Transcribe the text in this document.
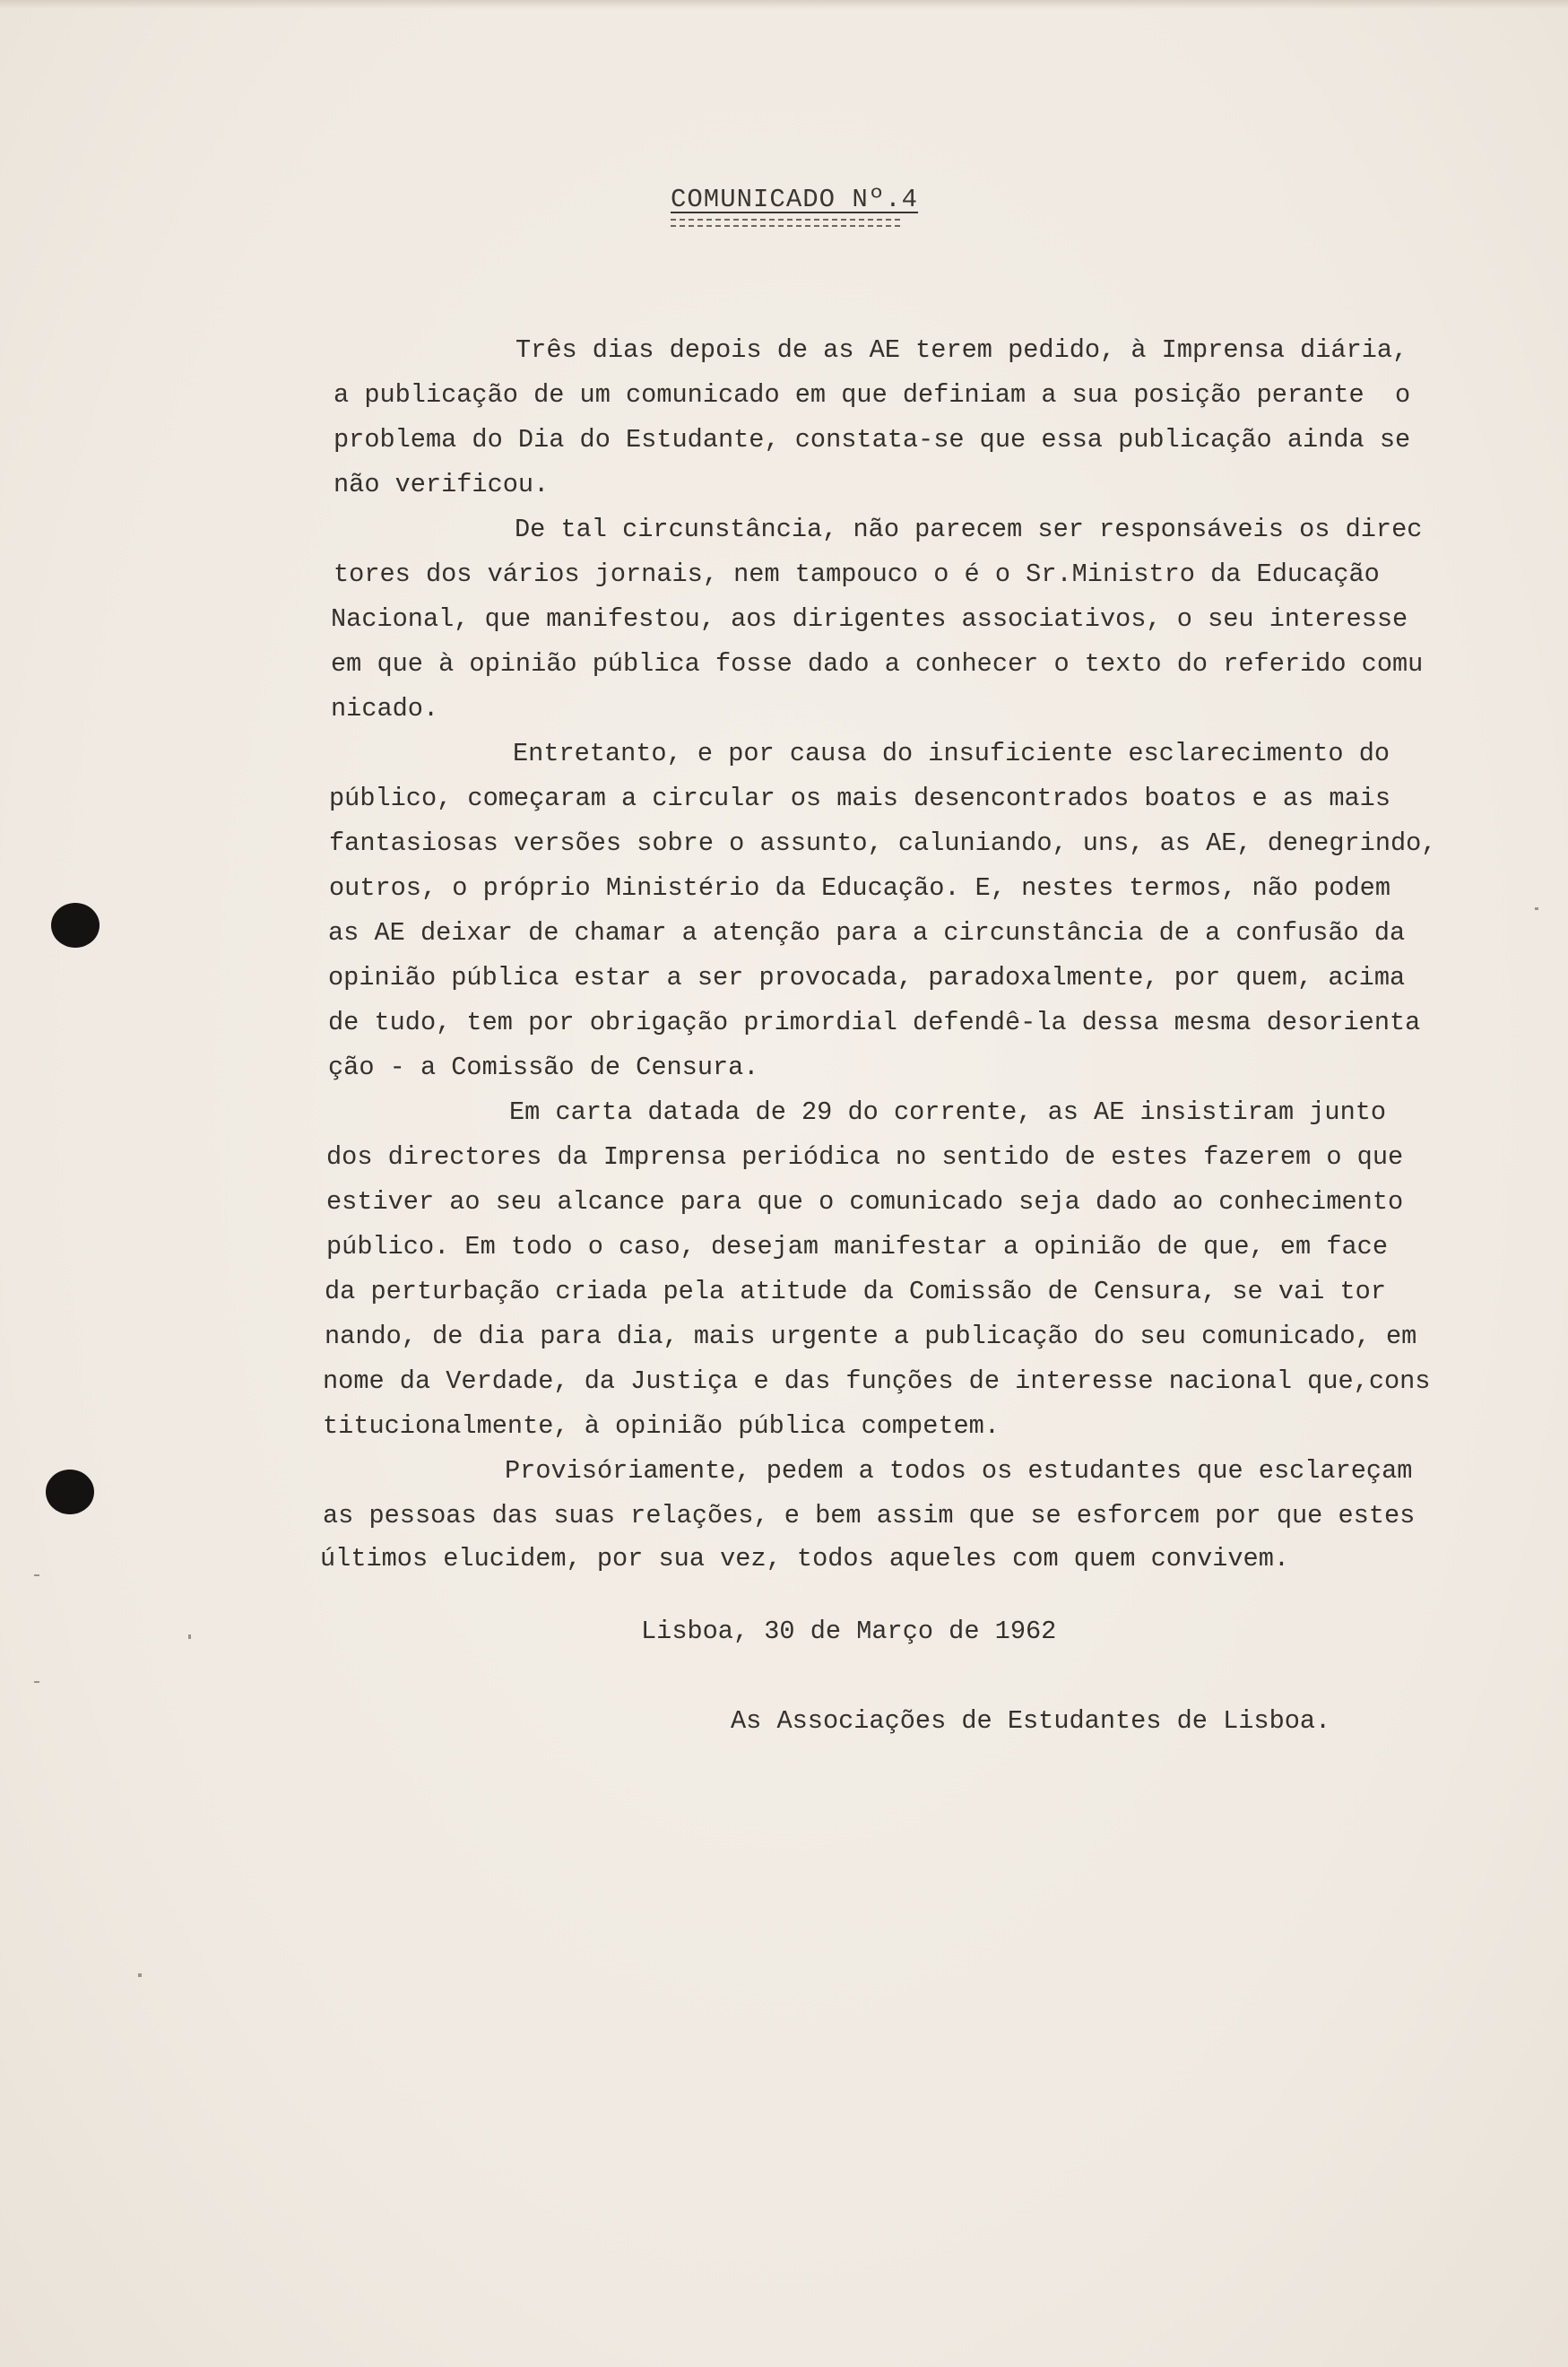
COMUNICADO Nº.4
Três dias depois de as AE terem pedido, à Imprensa diária,
a publicação de um comunicado em que definiam a sua posição perante  o
problema do Dia do Estudante, constata-se que essa publicação ainda se
não verificou.
De tal circunstância, não parecem ser responsáveis os direc
tores dos vários jornais, nem tampouco o é o Sr.Ministro da Educação
Nacional, que manifestou, aos dirigentes associativos, o seu interesse
em que à opinião pública fosse dado a conhecer o texto do referido comu
nicado.
Entretanto, e por causa do insuficiente esclarecimento do
público, começaram a circular os mais desencontrados boatos e as mais
fantasiosas versões sobre o assunto, caluniando, uns, as AE, denegrindo,
outros, o próprio Ministério da Educação. E, nestes termos, não podem
as AE deixar de chamar a atenção para a circunstância de a confusão da
opinião pública estar a ser provocada, paradoxalmente, por quem, acima
de tudo, tem por obrigação primordial defendê-la dessa mesma desorienta
ção - a Comissão de Censura.
Em carta datada de 29 do corrente, as AE insistiram junto
dos directores da Imprensa periódica no sentido de estes fazerem o que
estiver ao seu alcance para que o comunicado seja dado ao conhecimento
público. Em todo o caso, desejam manifestar a opinião de que, em face
da perturbação criada pela atitude da Comissão de Censura, se vai tor
nando, de dia para dia, mais urgente a publicação do seu comunicado, em
nome da Verdade, da Justiça e das funções de interesse nacional que,cons
titucionalmente, à opinião pública competem.
Provisóriamente, pedem a todos os estudantes que esclareçam
as pessoas das suas relações, e bem assim que se esforcem por que estes
últimos elucidem, por sua vez, todos aqueles com quem convivem.
Lisboa, 30 de Março de 1962
As Associações de Estudantes de Lisboa.
